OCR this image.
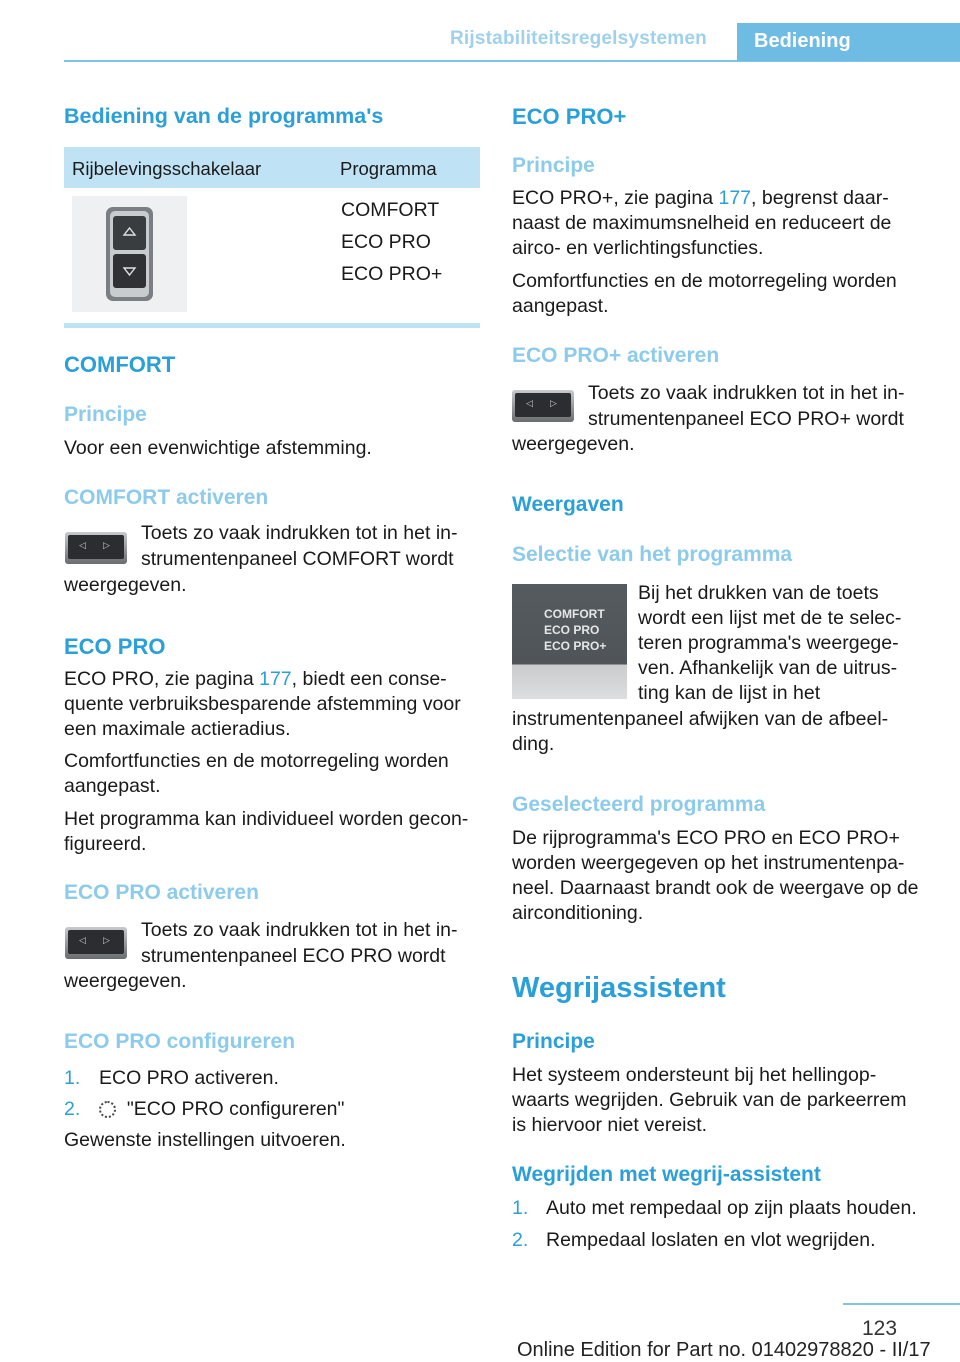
Rijstabiliteitsregelsystemen Bediening
Bediening van de programma's
Rijbelevingsschakelaar	Programma
COMFORT
ECO PRO
ECO PRO+
COMFORT
Principe
Voor een evenwichtige afstemming.
COMFORT activeren
◁ ▷
Toets zo vaak indrukken tot in het in-
strumentenpaneel COMFORT wordt
weergegeven.
ECO PRO
ECO PRO, zie pagina 177, biedt een conse-
quente verbruiksbesparende afstemming voor
een maximale actieradius.
Comfortfuncties en de motorregeling worden
aangepast.
Het programma kan individueel worden gecon-
figureerd.
ECO PRO activeren
◁ ▷ Toets zo vaak indrukken tot in het in-
strumentenpaneel ECO PRO wordt
weergegeven.
ECO PRO configureren
1. ECO PRO activeren.
2.	"ECO PRO configureren"
Gewenste instellingen uitvoeren.
ECO PRO+
Principe
ECO PRO+, zie pagina 177, begrenst daar-
naast de maximumsnelheid en reduceert de
airco- en verlichtingsfuncties.
Comfortfuncties en de motorregeling worden
aangepast.
ECO PRO+ activeren
◁ ▷ Toets zo vaak indrukken tot in het in-
strumentenpaneel ECO PRO+ wordt
weergegeven.
Weergaven
Selectie van het programma
COMFORT
ECO PRO
ECO PRO+
Bij het drukken van de toets
wordt een lijst met de te selec-
teren programma's weergege-
ven. Afhankelijk van de uitrus-
ting kan de lijst in het
instrumentenpaneel afwijken van de afbeel-
ding.
Geselecteerd programma
De rijprogramma's ECO PRO en ECO PRO+
worden weergegeven op het instrumentenpa-
neel. Daarnaast brandt ook de weergave op de
airconditioning.
Wegrijassistent
Principe
Het systeem ondersteunt bij het hellingop-
waarts wegrijden. Gebruik van de parkeerrem
is hiervoor niet vereist.
Wegrijden met wegrij-assistent
1. Auto met rempedaal op zijn plaats houden.
2. Rempedaal loslaten en vlot wegrijden.
123
Online Edition for Part no. 01402978820 - II/17
